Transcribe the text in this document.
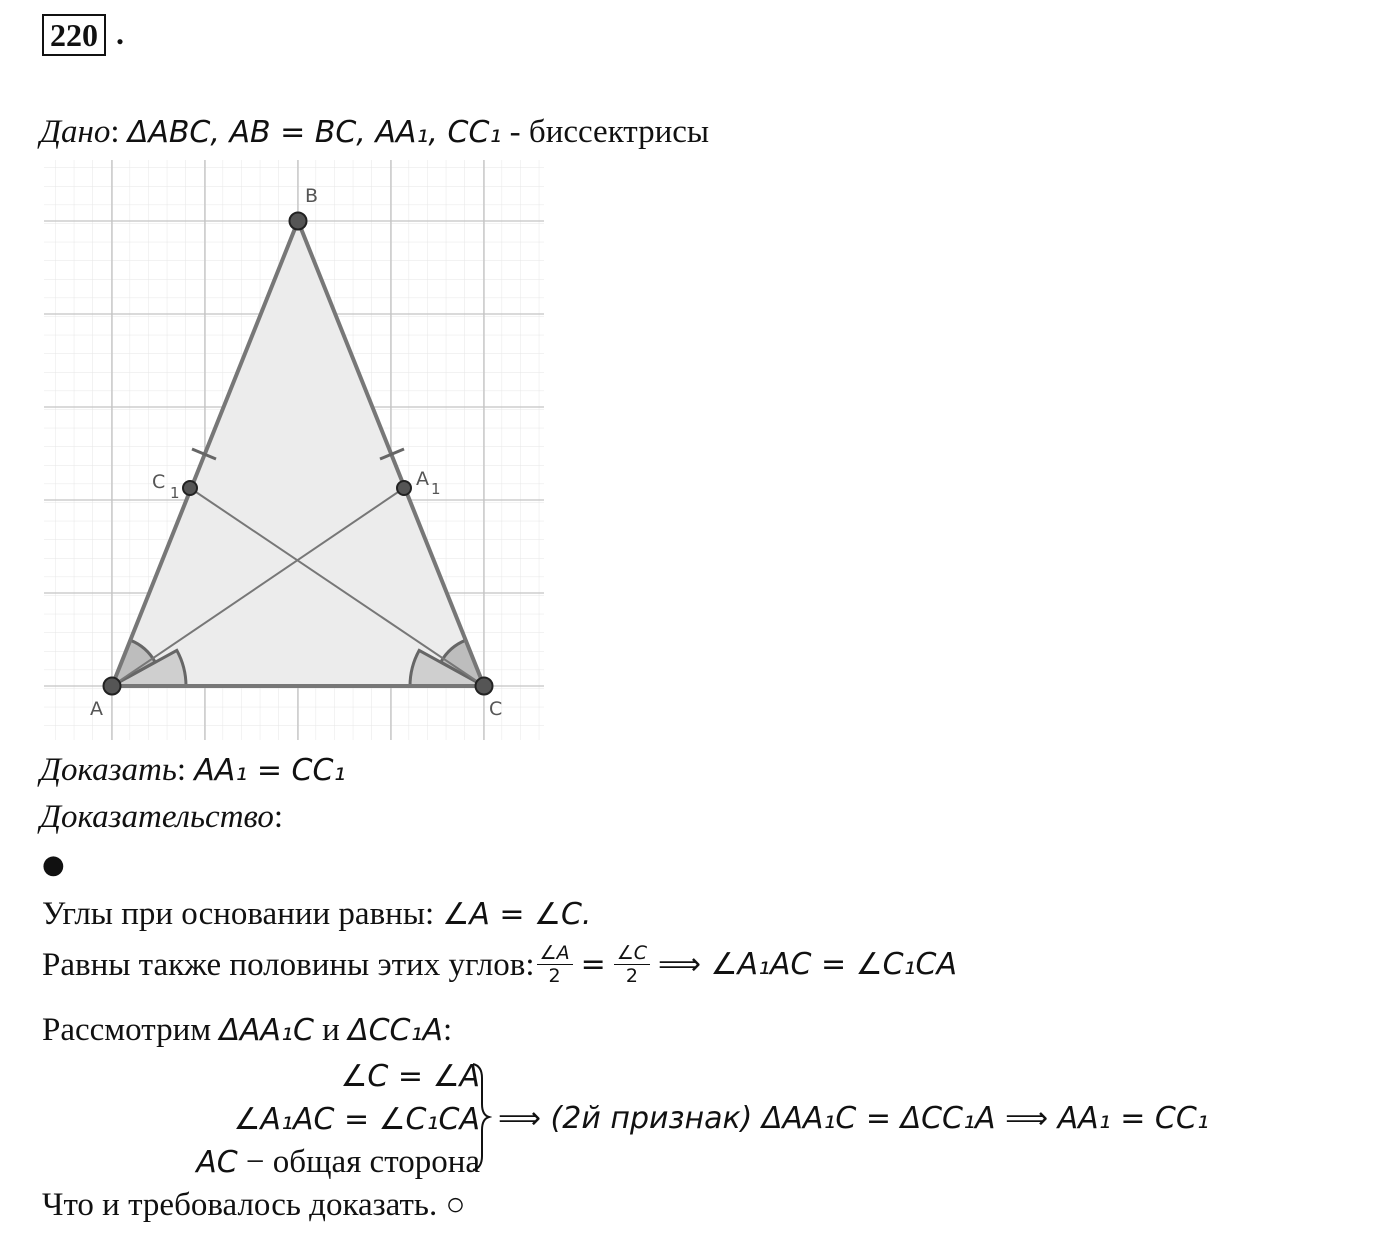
220 .
Дано: ΔABC, AB = BC, AA₁, CC₁ - биссектрисы
B
A	C
C 1
A 1
Доказать: AA₁ = CC₁
Доказательство:
●
Углы при основании равны: ∠A = ∠C.
Равны также половины этих углов: $\frac{\angle A}{2} = \frac{\angle C}{2}$ ⟹ ∠A₁AC = ∠C₁CA
Рассмотрим ΔAA₁C и ΔCC₁A:
∠C = ∠A
∠A₁AC = ∠C₁CA
AC − общая сторона
⟹ (2й признак) ΔAA₁C = ΔCC₁A ⟹ AA₁ = CC₁
Что и требовалось доказать. ○
